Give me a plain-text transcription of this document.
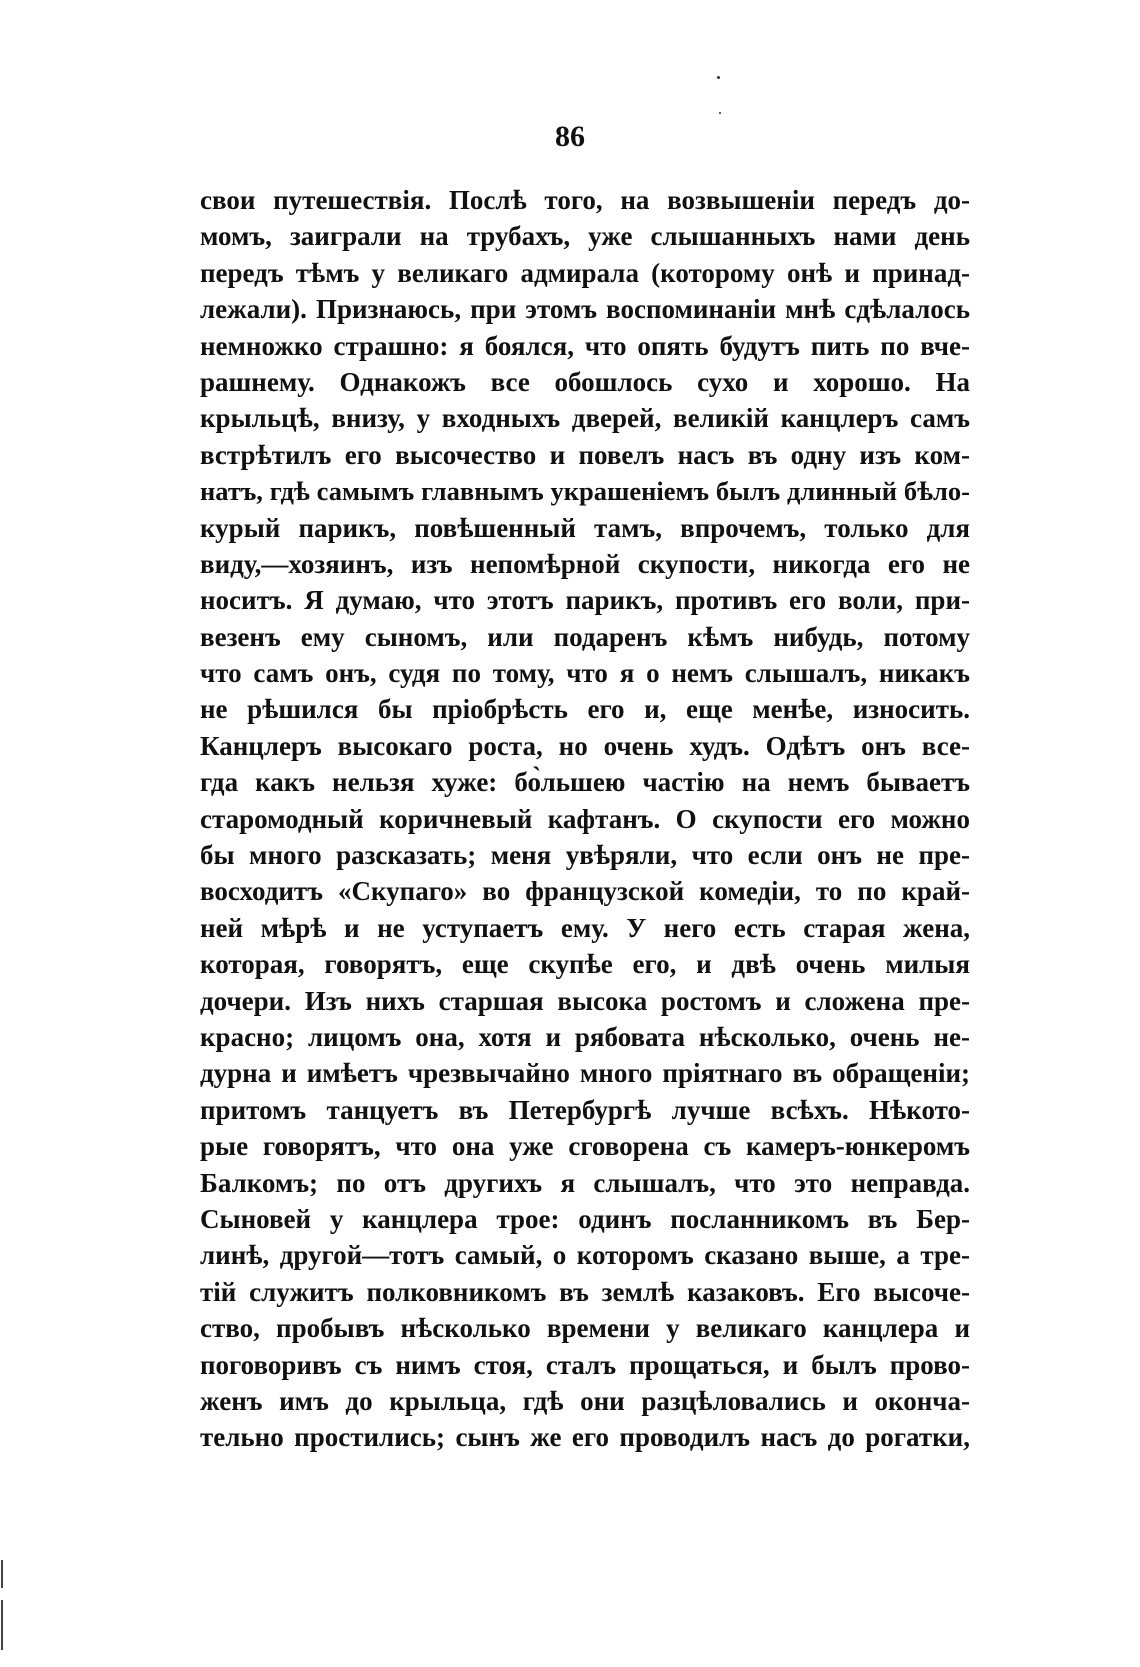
86
свои путешествія. Послѣ того, на возвышеніи передъ до-
момъ, заиграли на трубахъ, уже слышанныхъ нами день
передъ тѣмъ у великаго адмирала (которому онѣ и принад-
лежали). Признаюсь, при этомъ воспоминаніи мнѣ сдѣлалось
немножко страшно: я боялся, что опять будутъ пить по вче-
рашнему. Однакожъ все обошлось сухо и хорошо. На
крыльцѣ, внизу, у входныхъ дверей, великій канцлеръ самъ
встрѣтилъ его высочество и повелъ насъ въ одну изъ ком-
натъ, гдѣ самымъ главнымъ украшеніемъ былъ длинный бѣло-
курый парикъ, повѣшенный тамъ, впрочемъ, только для
виду,—хозяинъ, изъ непомѣрной скупости, никогда его не
носитъ. Я думаю, что этотъ парикъ, противъ его воли, при-
везенъ ему сыномъ, или подаренъ кѣмъ нибудь, потому
что самъ онъ, судя по тому, что я о немъ слышалъ, никакъ
не рѣшился бы пріобрѣсть его и, еще менѣе, износить.
Канцлеръ высокаго роста, но очень худъ. Одѣтъ онъ все-
гда какъ нельзя хуже: бо̀льшею частію на немъ бываетъ
старомодный коричневый кафтанъ. О скупости его можно
бы много разсказать; меня увѣряли, что если онъ не пре-
восходитъ «Скупаго» во французской комедіи, то по край-
ней мѣрѣ и не уступаетъ ему. У него есть старая жена,
которая, говорятъ, еще скупѣе его, и двѣ очень милыя
дочери. Изъ нихъ старшая высока ростомъ и сложена пре-
красно; лицомъ она, хотя и рябовата нѣсколько, очень не-
дурна и имѣетъ чрезвычайно много пріятнаго въ обращеніи;
притомъ танцуетъ въ Петербургѣ лучше всѣхъ. Нѣкото-
рые говорятъ, что она уже сговорена съ камеръ-юнкеромъ
Балкомъ; по отъ другихъ я слышалъ, что это неправда.
Сыновей у канцлера трое: одинъ посланникомъ въ Бер-
линѣ, другой—тотъ самый, о которомъ сказано выше, а тре-
тій служитъ полковникомъ въ землѣ казаковъ. Его высоче-
ство, пробывъ нѣсколько времени у великаго канцлера и
поговоривъ съ нимъ стоя, сталъ прощаться, и былъ прово-
женъ имъ до крыльца, гдѣ они разцѣловались и оконча-
тельно простились; сынъ же его проводилъ насъ до рогатки,
